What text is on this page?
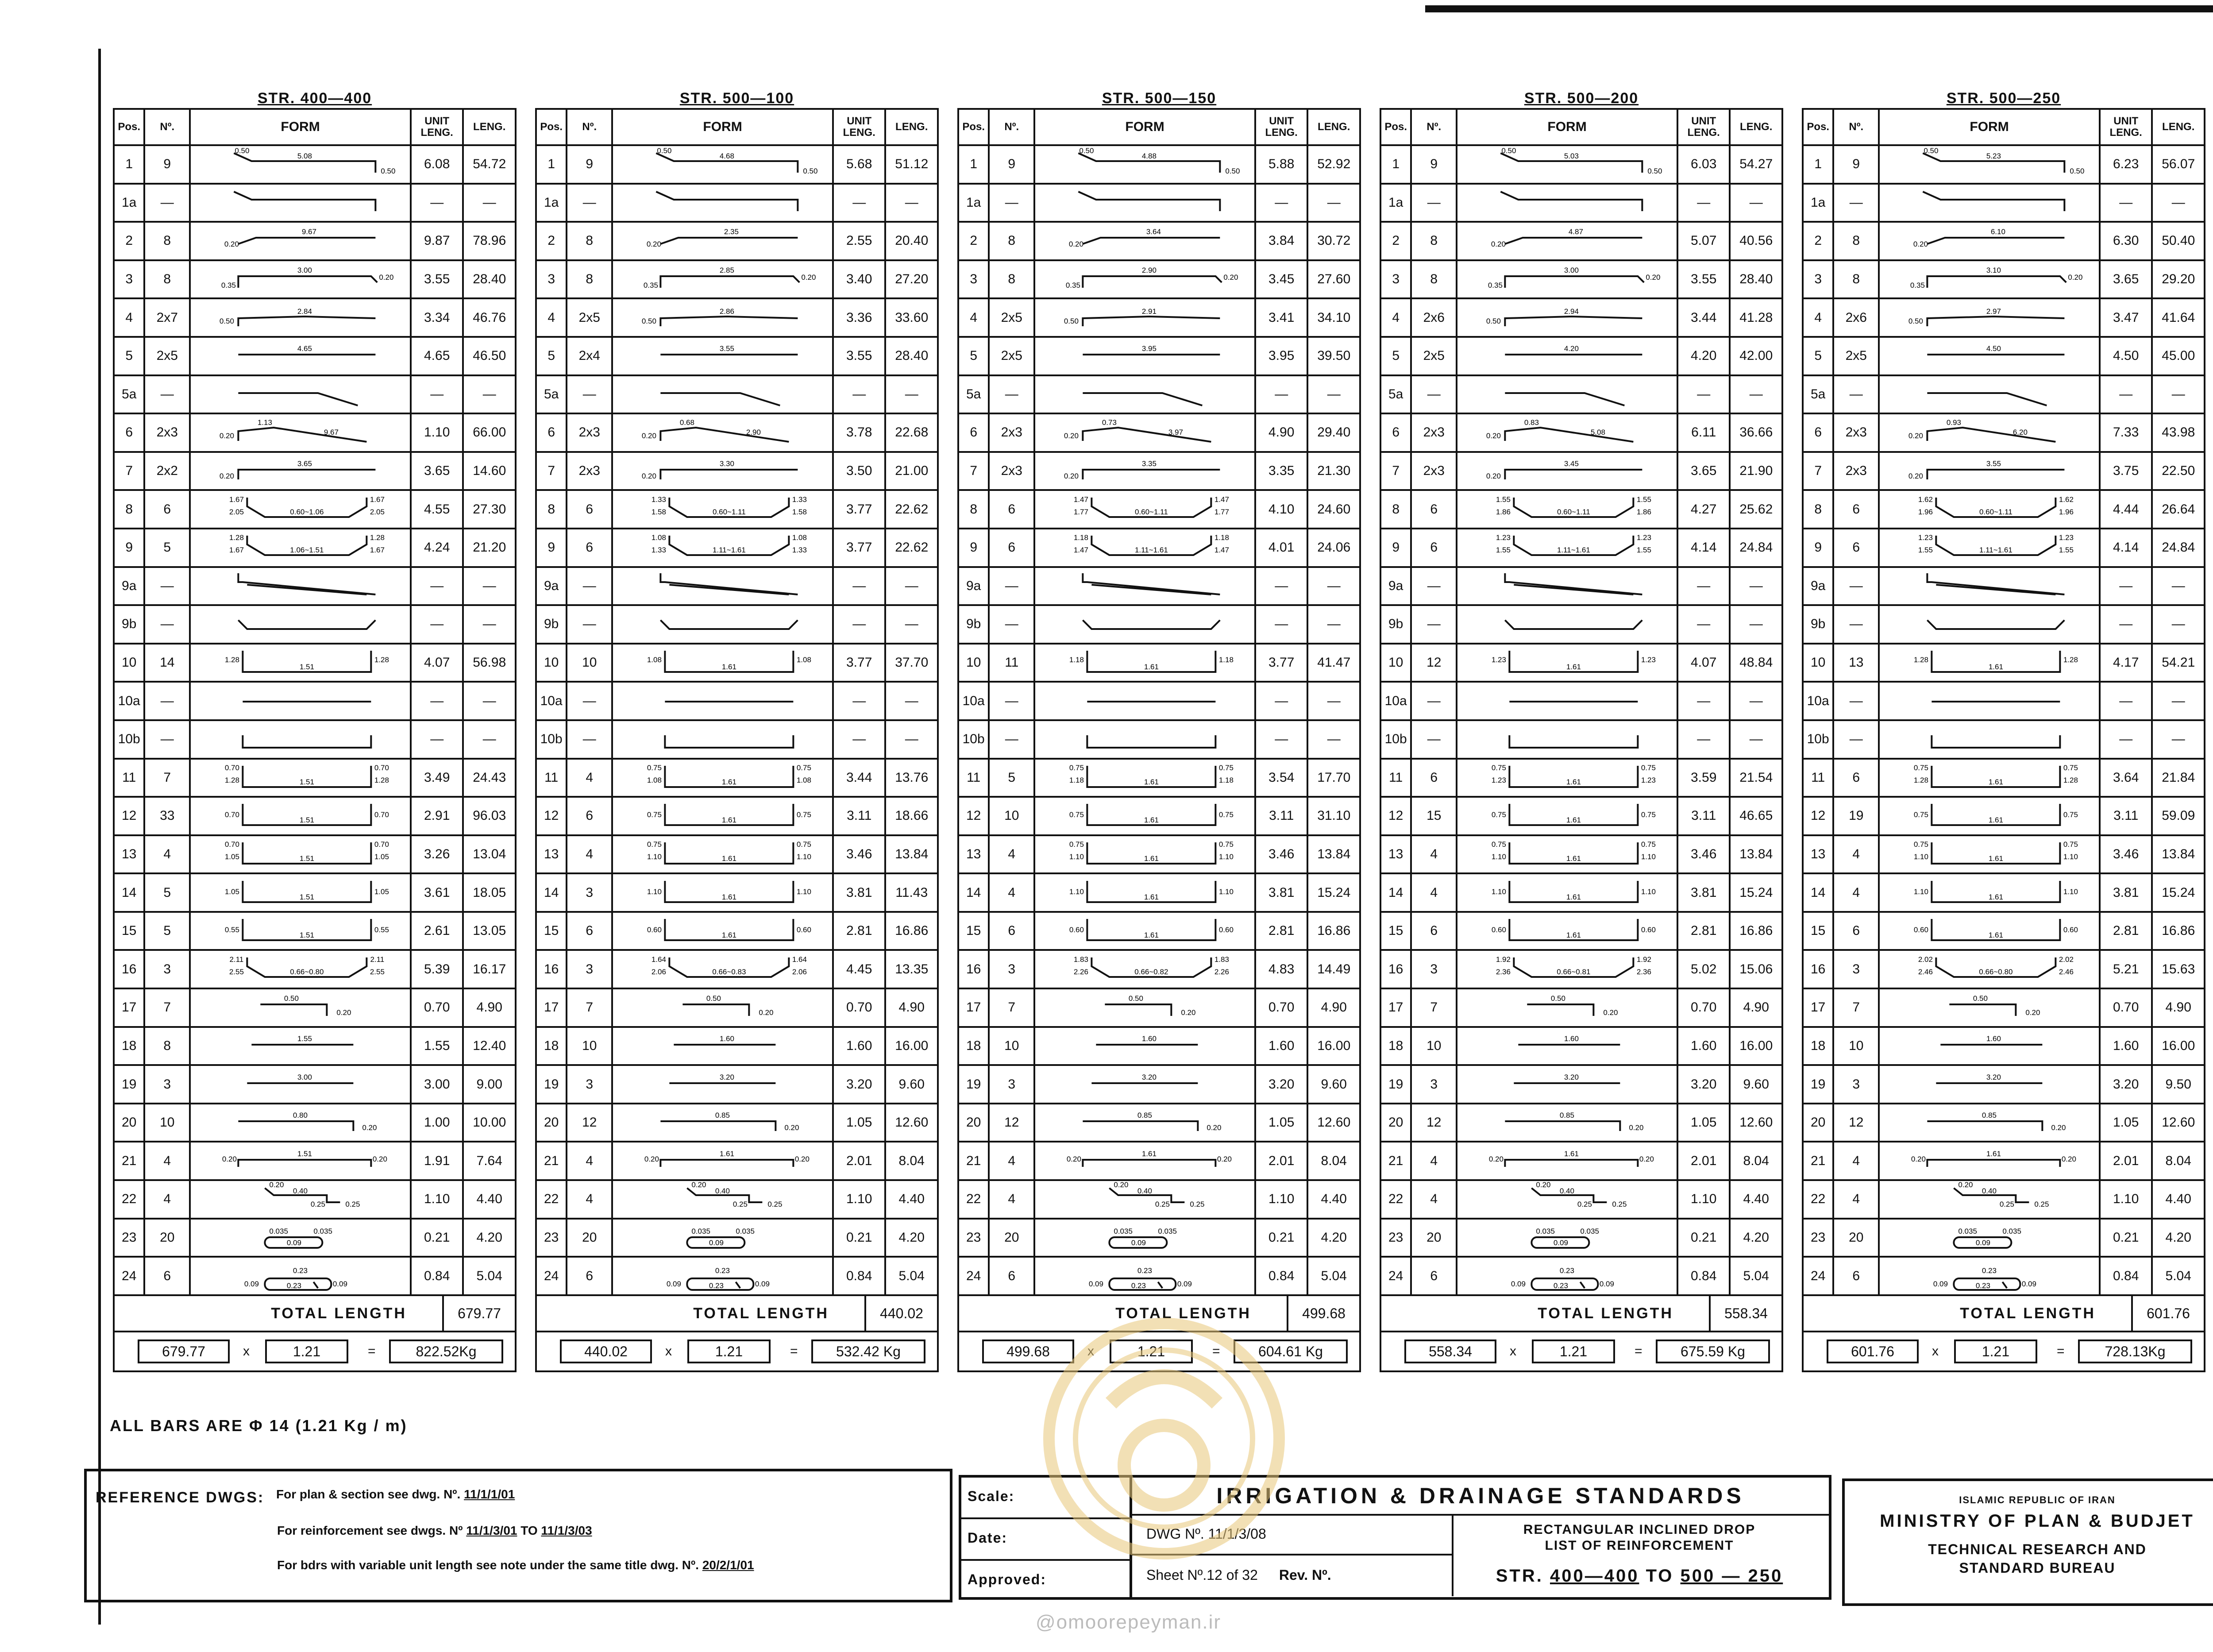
STR. 400—400
Pos.	Nº.	FORM	UNIT
LENG.	LENG.
1	9	0.50
5.08
0.50	6.08	54.72
1a	—		—	—
2	8	0.20
9.67	9.87	78.96
3	8	0.35
3.00
0.20	3.55	28.40
4	2x7	0.50
2.84	3.34	46.76
5	2x5	4.65	4.65	46.50
5a	—		—	—
6	2x3	0.20
1.13
9.67	1.10	66.00
7	2x2	0.20
3.65	3.65	14.60
8	6	1.67
2.05 0.60~1.06
1.67
2.05	4.55	27.30
9	5	1.28
1.67 1.06~1.51
1.28
1.67	4.24	21.20
9a	—		—	—
9b	—		—	—
10	14	1.28
1.51
1.28	4.07	56.98
10a	—		—	—
10b	—		—	—
11	7	0.70
1.28 1.51
0.70
1.28	3.49	24.43
12	33	0.70
1.51
0.70	2.91	96.03
13	4	0.70
1.05 1.51
0.70
1.05	3.26	13.04
14	5	1.05
1.51
1.05	3.61	18.05
15	5	0.55
1.51
0.55	2.61	13.05
16	3	2.11
2.55 0.66~0.80
2.11
2.55	5.39	16.17
17	7	0.50
0.20	0.70	4.90
18	8	1.55	1.55	12.40
19	3	3.00	3.00	9.00
20	10	0.80
0.20	1.00	10.00
21	4	0.20
1.51
0.20	1.91	7.64
22	4	0.20
0.40
0.25 0.25	1.10	4.40
23	20	0.035 0.035
0.09	0.21	4.20
24	6	0.23
0.09 0.23 0.09	0.84	5.04
TOTAL LENGTH	679.77
679.77	x	1.21	=	822.52Kg
STR. 500—100
Pos.	Nº.	FORM	UNIT
LENG.	LENG.
1	9	0.50
4.68
0.50	5.68	51.12
1a	—		—	—
2	8	0.20
2.35	2.55	20.40
3	8	0.35
2.85
0.20	3.40	27.20
4	2x5	0.50
2.86	3.36	33.60
5	2x4	3.55	3.55	28.40
5a	—		—	—
6	2x3	0.20
0.68
2.90	3.78	22.68
7	2x3	0.20
3.30	3.50	21.00
8	6	1.33
1.58 0.60~1.11
1.33
1.58	3.77	22.62
9	6	1.08
1.33 1.11~1.61
1.08
1.33	3.77	22.62
9a	—		—	—
9b	—		—	—
10	10	1.08
1.61
1.08	3.77	37.70
10a	—		—	—
10b	—		—	—
11	4	0.75
1.08 1.61
0.75
1.08	3.44	13.76
12	6	0.75
1.61
0.75	3.11	18.66
13	4	0.75
1.10 1.61
0.75
1.10	3.46	13.84
14	3	1.10
1.61
1.10	3.81	11.43
15	6	0.60
1.61
0.60	2.81	16.86
16	3	1.64
2.06 0.66~0.83
1.64
2.06	4.45	13.35
17	7	0.50
0.20	0.70	4.90
18	10	1.60	1.60	16.00
19	3	3.20	3.20	9.60
20	12	0.85
0.20	1.05	12.60
21	4	0.20
1.61
0.20	2.01	8.04
22	4	0.20
0.40
0.25 0.25	1.10	4.40
23	20	0.035 0.035
0.09	0.21	4.20
24	6	0.23
0.09 0.23 0.09	0.84	5.04
TOTAL LENGTH	440.02
440.02	x	1.21	=	532.42 Kg
STR. 500—150
Pos.	Nº.	FORM	UNIT
LENG.	LENG.
1	9	0.50
4.88
0.50	5.88	52.92
1a	—		—	—
2	8	0.20
3.64	3.84	30.72
3	8	0.35
2.90
0.20	3.45	27.60
4	2x5	0.50
2.91	3.41	34.10
5	2x5	3.95	3.95	39.50
5a	—		—	—
6	2x3	0.20
0.73
3.97	4.90	29.40
7	2x3	0.20
3.35	3.35	21.30
8	6	1.47
1.77 0.60~1.11
1.47
1.77	4.10	24.60
9	6	1.18
1.47 1.11~1.61
1.18
1.47	4.01	24.06
9a	—		—	—
9b	—		—	—
10	11	1.18
1.61
1.18	3.77	41.47
10a	—		—	—
10b	—		—	—
11	5	0.75
1.18 1.61
0.75
1.18	3.54	17.70
12	10	0.75
1.61
0.75	3.11	31.10
13	4	0.75
1.10 1.61
0.75
1.10	3.46	13.84
14	4	1.10
1.61
1.10	3.81	15.24
15	6	0.60
1.61
0.60	2.81	16.86
16	3	1.83
2.26 0.66~0.82
1.83
2.26	4.83	14.49
17	7	0.50
0.20	0.70	4.90
18	10	1.60	1.60	16.00
19	3	3.20	3.20	9.60
20	12	0.85
0.20	1.05	12.60
21	4	0.20
1.61
0.20	2.01	8.04
22	4	0.20
0.40
0.25 0.25	1.10	4.40
23	20	0.035 0.035
0.09	0.21	4.20
24	6	0.23
0.09 0.23 0.09	0.84	5.04
TOTAL LENGTH	499.68
499.68	x	1.21	=	604.61 Kg
STR. 500—200
Pos.	Nº.	FORM	UNIT
LENG.	LENG.
1	9	0.50
5.03
0.50	6.03	54.27
1a	—		—	—
2	8	0.20
4.87	5.07	40.56
3	8	0.35
3.00
0.20	3.55	28.40
4	2x6	0.50
2.94	3.44	41.28
5	2x5	4.20	4.20	42.00
5a	—		—	—
6	2x3	0.20
0.83
5.08	6.11	36.66
7	2x3	0.20
3.45	3.65	21.90
8	6	1.55
1.86 0.60~1.11
1.55
1.86	4.27	25.62
9	6	1.23
1.55 1.11~1.61
1.23
1.55	4.14	24.84
9a	—		—	—
9b	—		—	—
10	12	1.23
1.61
1.23	4.07	48.84
10a	—		—	—
10b	—		—	—
11	6	0.75
1.23 1.61
0.75
1.23	3.59	21.54
12	15	0.75
1.61
0.75	3.11	46.65
13	4	0.75
1.10 1.61
0.75
1.10	3.46	13.84
14	4	1.10
1.61
1.10	3.81	15.24
15	6	0.60
1.61
0.60	2.81	16.86
16	3	1.92
2.36 0.66~0.81
1.92
2.36	5.02	15.06
17	7	0.50
0.20	0.70	4.90
18	10	1.60	1.60	16.00
19	3	3.20	3.20	9.60
20	12	0.85
0.20	1.05	12.60
21	4	0.20
1.61
0.20	2.01	8.04
22	4	0.20
0.40
0.25 0.25	1.10	4.40
23	20	0.035 0.035
0.09	0.21	4.20
24	6	0.23
0.09 0.23 0.09	0.84	5.04
TOTAL LENGTH	558.34
558.34	x	1.21	=	675.59 Kg
STR. 500—250
Pos.	Nº.	FORM	UNIT
LENG.	LENG.
1	9	0.50
5.23
0.50	6.23	56.07
1a	—		—	—
2	8	0.20
6.10	6.30	50.40
3	8	0.35
3.10
0.20	3.65	29.20
4	2x6	0.50
2.97	3.47	41.64
5	2x5	4.50	4.50	45.00
5a	—		—	—
6	2x3	0.20
0.93
6.20	7.33	43.98
7	2x3	0.20
3.55	3.75	22.50
8	6	1.62
1.96 0.60~1.11
1.62
1.96	4.44	26.64
9	6	1.23
1.55 1.11~1.61
1.23
1.55	4.14	24.84
9a	—		—	—
9b	—		—	—
10	13	1.28
1.61
1.28	4.17	54.21
10a	—		—	—
10b	—		—	—
11	6	0.75
1.28 1.61
0.75
1.28	3.64	21.84
12	19	0.75
1.61
0.75	3.11	59.09
13	4	0.75
1.10 1.61
0.75
1.10	3.46	13.84
14	4	1.10
1.61
1.10	3.81	15.24
15	6	0.60
1.61
0.60	2.81	16.86
16	3	2.02
2.46 0.66~0.80
2.02
2.46	5.21	15.63
17	7	0.50
0.20	0.70	4.90
18	10	1.60	1.60	16.00
19	3	3.20	3.20	9.50
20	12	0.85
0.20	1.05	12.60
21	4	0.20
1.61
0.20	2.01	8.04
22	4	0.20
0.40
0.25 0.25	1.10	4.40
23	20	0.035 0.035
0.09	0.21	4.20
24	6	0.23
0.09 0.23 0.09	0.84	5.04
TOTAL LENGTH	601.76
601.76	x	1.21	=	728.13Kg
ALL BARS ARE Φ 14 (1.21 Kg / m)
REFERENCE DWGS: For plan & section see dwg. Nº. 11/1/1/01
For reinforcement see dwgs. Nº 11/1/3/01 TO 11/1/3/03
For bdrs with variable unit length see note under the same title dwg. Nº. 20/2/1/01
Scale:
Date:
Approved:
IRRIGATION & DRAINAGE STANDARDS
DWG Nº. 11/1/3/08
Sheet Nº.12 of 32 Rev. Nº.
RECTANGULAR INCLINED DROP
LIST OF REINFORCEMENT
STR. 400—400 TO 500 — 250
ISLAMIC REPUBLIC OF IRAN
MINISTRY OF PLAN & BUDJET
TECHNICAL RESEARCH AND
STANDARD BUREAU
@omoorepeyman.ir
